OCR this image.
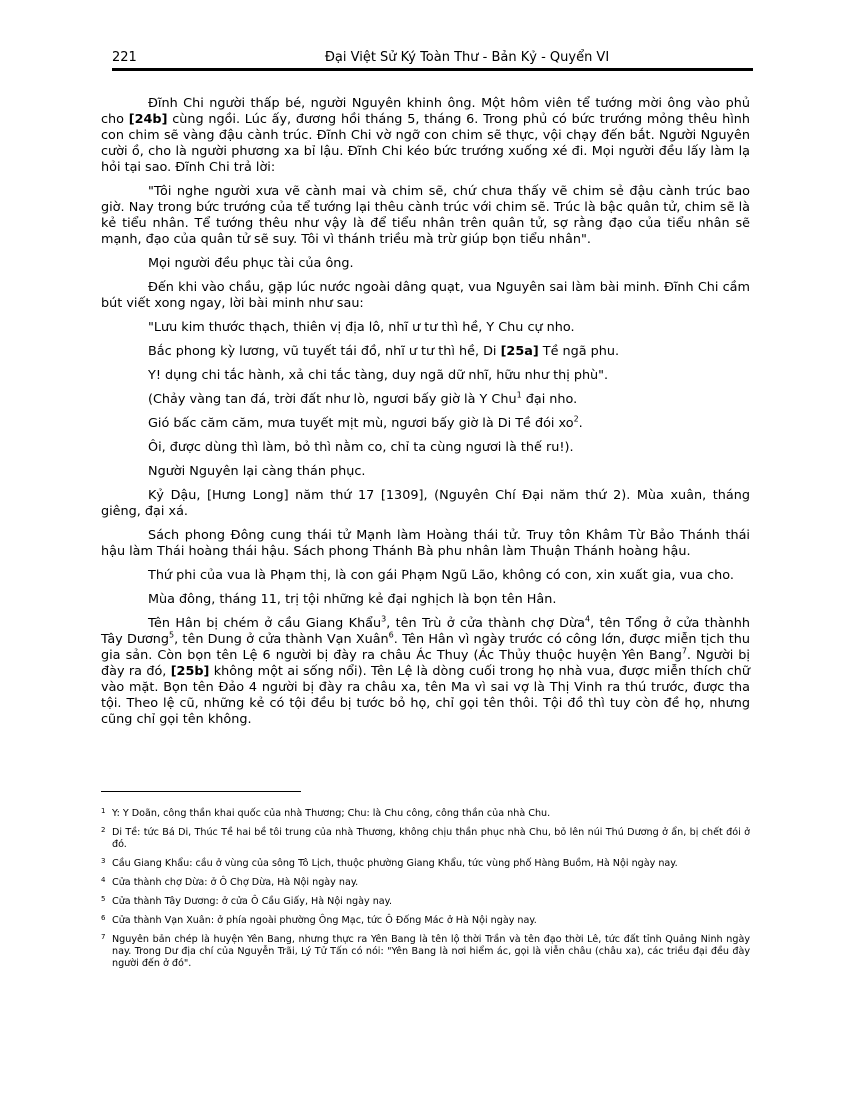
221	Đại Việt Sử Ký Toàn Thư - Bản Kỷ - Quyển VI

Đĩnh Chi người thấp bé, người Nguyên khinh ông. Một hôm viên tể tướng mời ông vào phủ cho [24b] cùng ngồi. Lúc ấy, đương hồi tháng 5, tháng 6. Trong phủ có bức trướng mỏng thêu hình con chim sẽ vàng đậu cành trúc. Đĩnh Chi vờ ngỡ con chim sẽ thực, vội chạy đến bắt. Người Nguyên cười ồ, cho là người phương xa bỉ lậu. Đĩnh Chi kéo bức trướng xuống xé đi. Mọi người đều lấy làm lạ hỏi tại sao. Đĩnh Chi trả lời:

"Tôi nghe người xưa vẽ cành mai và chim sẽ, chứ chưa thấy vẽ chim sẻ đậu cành trúc bao giờ. Nay trong bức trướng của tể tướng lại thêu cành trúc với chim sẽ. Trúc là bậc quân tử, chim sẽ là kẻ tiểu nhân. Tể tướng thêu như vậy là để tiểu nhân trên quân tử, sợ rằng đạo của tiểu nhân sẽ mạnh, đạo của quân tử sẽ suy. Tôi vì thánh triều mà trừ giúp bọn tiểu nhân".

Mọi người đều phục tài của ông.

Đến khi vào chầu, gặp lúc nước ngoài dâng quạt, vua Nguyên sai làm bài minh. Đĩnh Chi cầm bút viết xong ngay, lời bài minh như sau:

"Lưu kim thước thạch, thiên vị địa lô, nhĩ ư tư thì hề, Y Chu cự nho.

Bắc phong kỳ lương, vũ tuyết tái đồ, nhĩ ư tư thì hề, Di [25a] Tề ngã phu.

Y! dụng chi tắc hành, xả chi tắc tàng, duy ngã dữ nhĩ, hữu như thị phù".

(Chảy vàng tan đá, trời đất như lò, ngươi bấy giờ là Y Chu$^1$ đại nho.

Gió bấc căm căm, mưa tuyết mịt mù, ngươi bấy giờ là Di Tề đói $xo^2$.

Ôi, được dùng thì làm, bỏ thì nằm co, chỉ ta cùng ngươi là thế ru!).

Người Nguyên lại càng thán phục.

Kỷ Dậu, [Hưng Long] năm thứ 17 [1309], (Nguyên Chí Đại năm thứ 2). Mùa xuân, tháng giêng, đại xá.

Sách phong Đông cung thái tử Mạnh làm Hoàng thái tử. Truy tôn Khâm Từ Bảo Thánh thái hậu làm Thái hoàng thái hậu. Sách phong Thánh Bà phu nhân làm Thuận Thánh hoàng hậu.

Thứ phi của vua là Phạm thị, là con gái Phạm Ngũ Lão, không có con, xin xuất gia, vua cho.

Mùa đông, tháng 11, trị tội những kẻ đại nghịch là bọn tên Hân.

Tên Hân bị chém ở cầu Giang Khẩu$^3$, tên Trù ở cửa thành chợ Dừa$^4$, tên Tổng ở cửa thànhh Tây Dương$^5$, tên Dung ở cửa thành Vạn Xuân$^6$. Tên Hân vì ngày trước có công lớn, được miễn tịch thu gia sản. Còn bọn tên Lệ 6 người bị đày ra châu Ác Thuy (Ác Thủy thuộc huyện Yên Bang$^7$. Người bị đày ra đó, [25b] không một ai sống nổi). Tên Lệ là dòng cuối trong họ nhà vua, được miễn thích chữ vào mặt. Bọn tên Đảo 4 người bị đày ra châu xa, tên Ma vì sai vợ là Thị Vinh ra thú trước, được tha tội. Theo lệ cũ, những kẻ có tội đều bị tước bỏ họ, chỉ gọi tên thôi. Tội đồ thì tuy còn đề họ, nhưng cũng chỉ gọi tên không.

1 Y: Y Doãn, công thần khai quốc của nhà Thương; Chu: là Chu công, công thần của nhà Chu.
2 Di Tề: tức Bá Di, Thúc Tề hai bề tôi trung của nhà Thương, không chịu thần phục nhà Chu, bỏ lên núi Thú Dương ở ẩn, bị chết đói ở đó.
3 Cầu Giang Khẩu: cầu ở vùng của sông Tô Lịch, thuộc phường Giang Khẩu, tức vùng phố Hàng Buồm, Hà Nội ngày nay.
4 Cửa thành chợ Dừa: ở Ô Chợ Dừa, Hà Nội ngày nay.
5 Cửa thành Tây Dương: ở cửa Ô Cầu Giấy, Hà Nội ngày nay.
6 Cửa thành Vạn Xuân: ở phía ngoài phường Ông Mạc, tức Ô Đống Mác ở Hà Nội ngày nay.
7 Nguyên bản chép là huyện Yên Bang, nhưng thực ra Yên Bang là tên lộ thời Trần và tên đạo thời Lê, tức đất tỉnh Quảng Ninh ngày nay. Trong Dư địa chí của Nguyễn Trãi, Lý Tử Tấn có nói: "Yên Bang là nơi hiểm ác, gọi là viễn châu (châu xa), các triều đại đều đày người đến ở đó".
